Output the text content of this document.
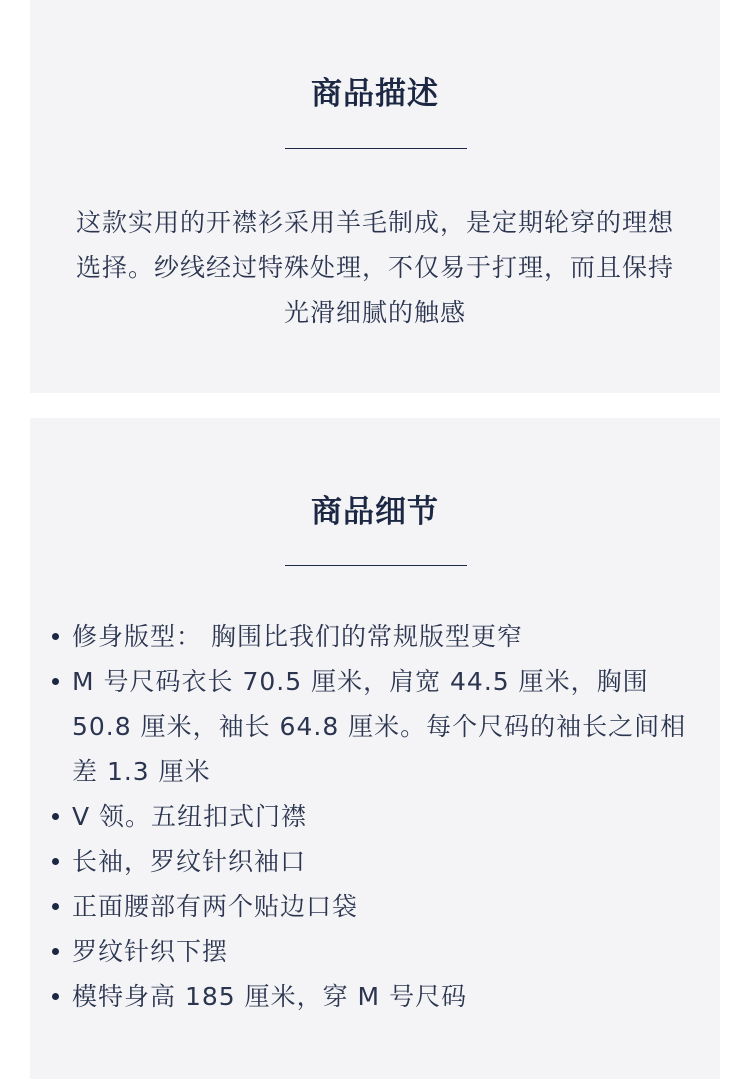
商品描述

这款实用的开襟衫采用羊毛制成，是定期轮穿的理想选择。纱线经过特殊处理，不仅易于打理，而且保持光滑细腻的触感

商品细节
修身版型： 胸围比我们的常规版型更窄
M 号尺码衣长 70.5 厘米，肩宽 44.5 厘米，胸围 50.8 厘米，袖长 64.8 厘米。每个尺码的袖长之间相差 1.3 厘米
V 领。五纽扣式门襟
长袖，罗纹针织袖口
正面腰部有两个贴边口袋
罗纹针织下摆
模特身高 185 厘米，穿 M 号尺码
